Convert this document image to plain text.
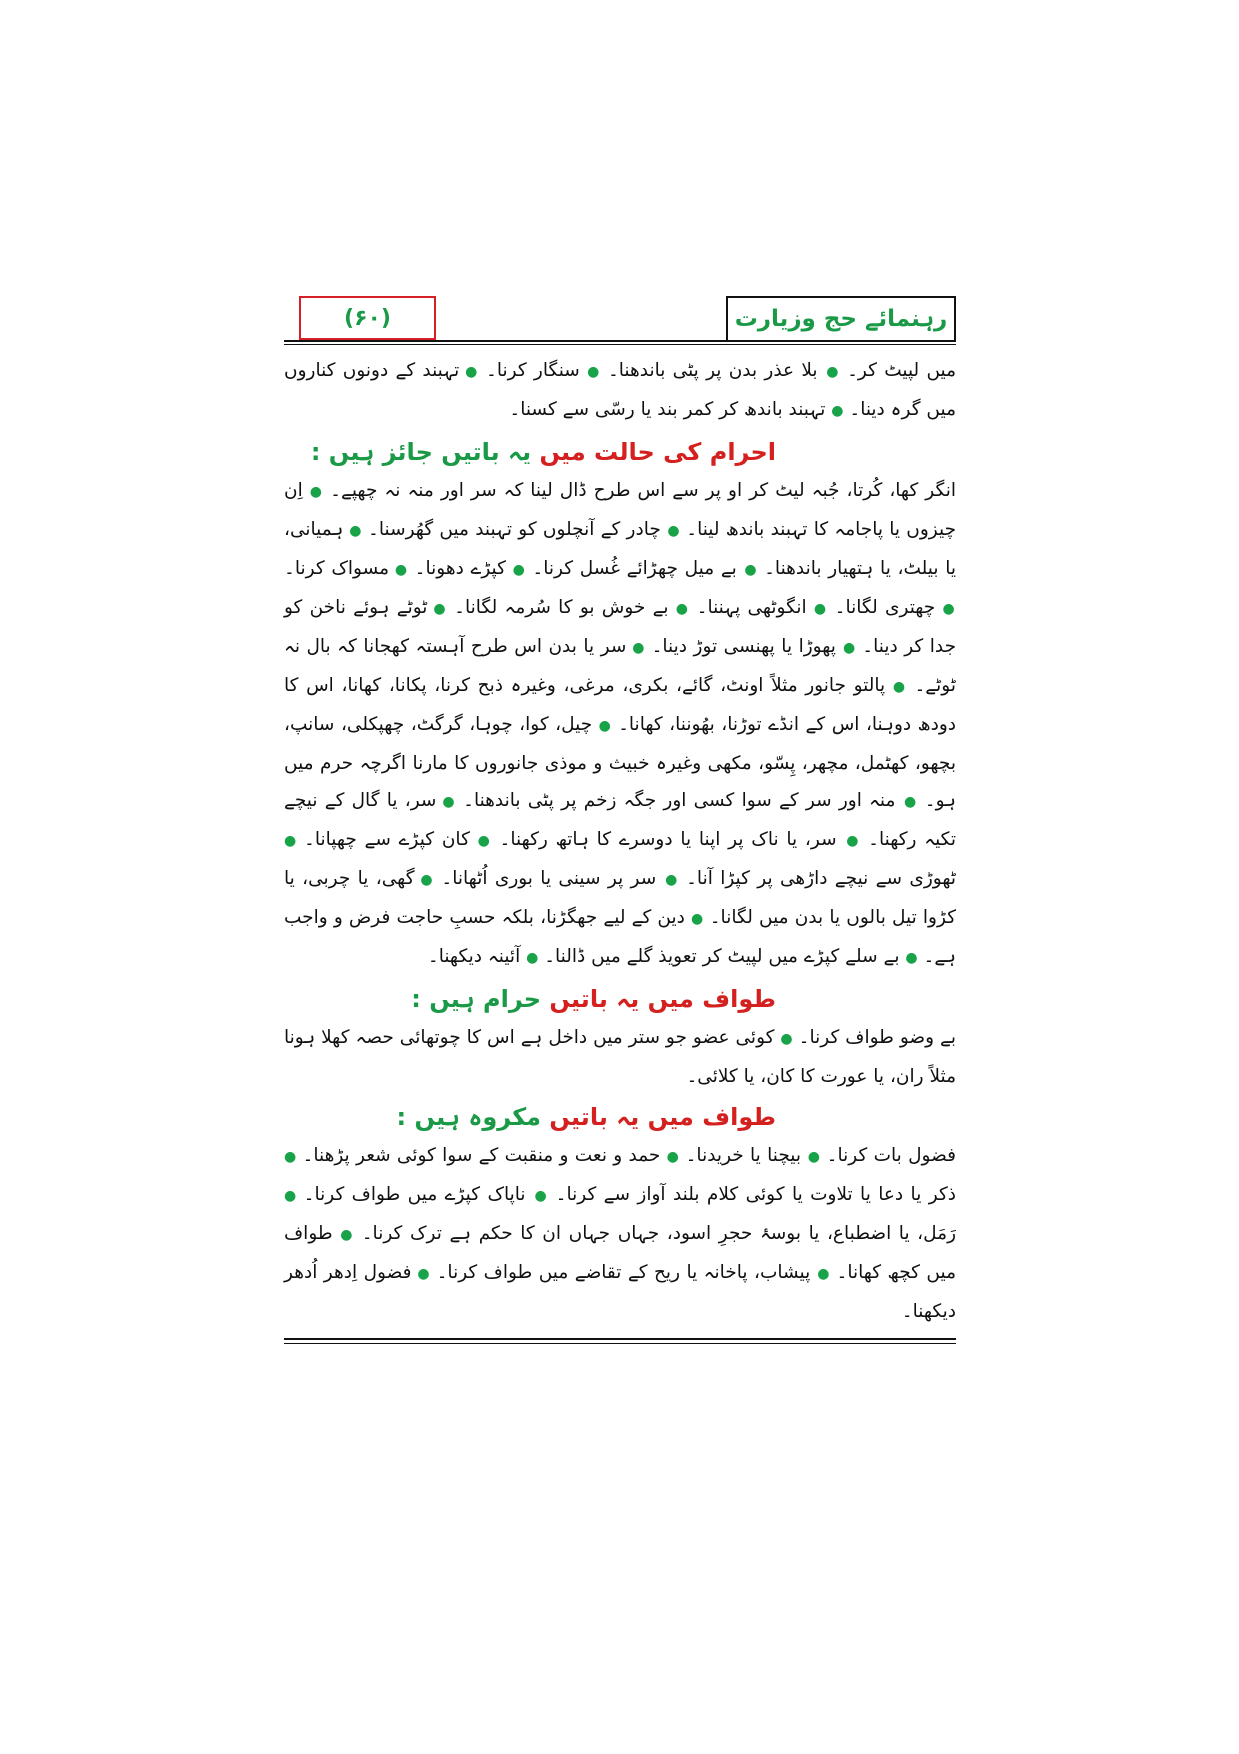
(۶۰)	رہنمائے حج وزیارت

میں لپیٹ کر۔ ● بلا عذر بدن پر پٹی باندھنا۔ ● سنگار کرنا۔ ● تہبند کے دونوں کناروں میں گرہ دینا۔ ● تہبند باندھ کر کمر بند یا رسّی سے کسنا۔

احرام کی حالت میں یہ باتیں جائز ہیں :

انگر کھا، کُرتا، جُبہ لیٹ کر او پر سے اس طرح ڈال لینا کہ سر اور منہ نہ چھپے۔ ● اِن چیزوں یا پاجامہ کا تہبند باندھ لینا۔ ● چادر کے آنچلوں کو تہبند میں گھُرسنا۔ ● ہمیانی، یا بیلٹ، یا ہتھیار باندھنا۔ ● بے میل چھڑائے غُسل کرنا۔ ● کپڑے دھونا۔ ● مسواک کرنا۔ ● چھتری لگانا۔ ● انگوٹھی پہننا۔ ● بے خوش بو کا سُرمہ لگانا۔ ● ٹوٹے ہوئے ناخن کو جدا کر دینا۔ ● پھوڑا یا پھنسی توڑ دینا۔ ● سر یا بدن اس طرح آہستہ کھجانا کہ بال نہ ٹوٹے۔ ● پالتو جانور مثلاً اونٹ، گائے، بکری، مرغی، وغیرہ ذبح کرنا، پکانا، کھانا، اس کا دودھ دوہنا، اس کے انڈے توڑنا، بھُوننا، کھانا۔ ● چیل، کوا، چوہا، گرگٹ، چھپکلی، سانپ، بچھو، کھٹمل، مچھر، پِسّو، مکھی وغیرہ خبیث و موذی جانوروں کا مارنا اگرچہ حرم میں ہو۔ ● منہ اور سر کے سوا کسی اور جگہ زخم پر پٹی باندھنا۔ ● سر، یا گال کے نیچے تکیہ رکھنا۔ ● سر، یا ناک پر اپنا یا دوسرے کا ہاتھ رکھنا۔ ● کان کپڑے سے چھپانا۔ ● ٹھوڑی سے نیچے داڑھی پر کپڑا آنا۔ ● سر پر سینی یا بوری اُٹھانا۔ ● گھی، یا چربی، یا کڑوا تیل بالوں یا بدن میں لگانا۔ ● دین کے لیے جھگڑنا، بلکہ حسبِ حاجت فرض و واجب ہے۔ ● بے سلے کپڑے میں لپیٹ کر تعویذ گلے میں ڈالنا۔ ● آئینہ دیکھنا۔

طواف میں یہ باتیں حرام ہیں :

بے وضو طواف کرنا۔ ● کوئی عضو جو ستر میں داخل ہے اس کا چوتھائی حصہ کھلا ہونا مثلاً ران، یا عورت کا کان، یا کلائی۔

طواف میں یہ باتیں مکروہ ہیں :

فضول بات کرنا۔ ● بیچنا یا خریدنا۔ ● حمد و نعت و منقبت کے سوا کوئی شعر پڑھنا۔ ● ذکر یا دعا یا تلاوت یا کوئی کلام بلند آواز سے کرنا۔ ● ناپاک کپڑے میں طواف کرنا۔ ● رَمَل، یا اضطباع، یا بوسۂ حجرِ اسود، جہاں جہاں ان کا حکم ہے ترک کرنا۔ ● طواف میں کچھ کھانا۔ ● پیشاب، پاخانہ یا ریح کے تقاضے میں طواف کرنا۔ ● فضول اِدھر اُدھر دیکھنا۔
